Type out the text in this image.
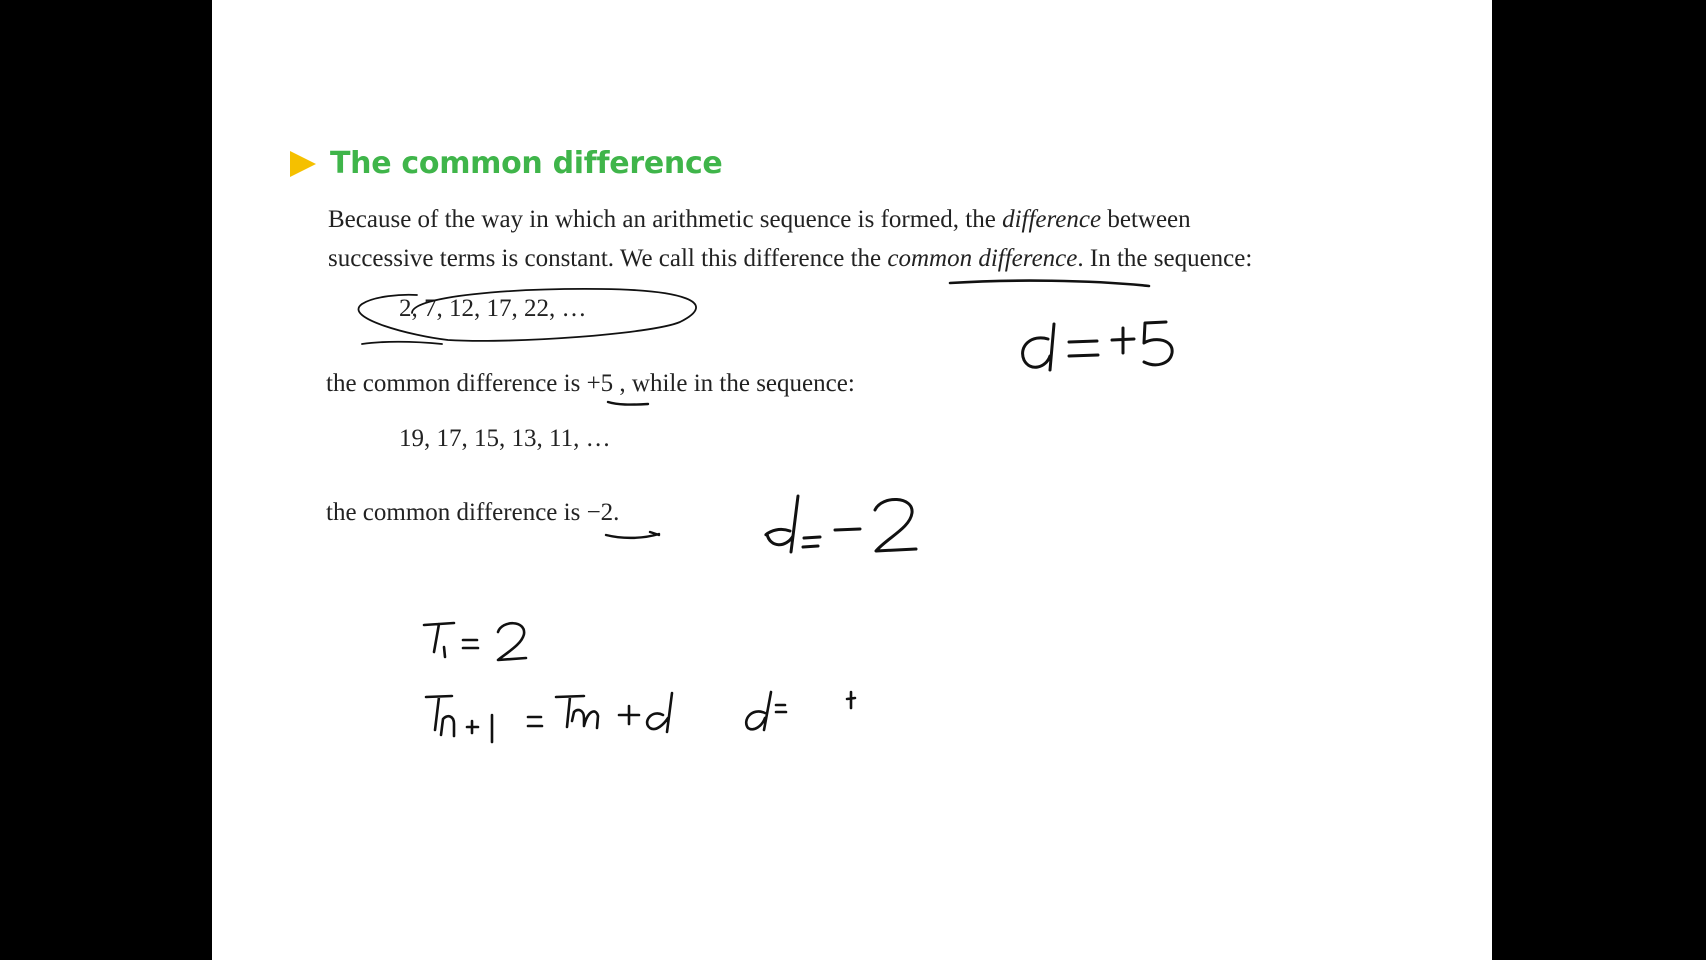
The common difference
Because of the way in which an arithmetic sequence is formed, the difference between
successive terms is constant. We call this difference the common difference. In the sequence:
2, 7, 12, 17, 22, …
the common difference is +5 , while in the sequence:
19, 17, 15, 13, 11, …
the common difference is −2.
